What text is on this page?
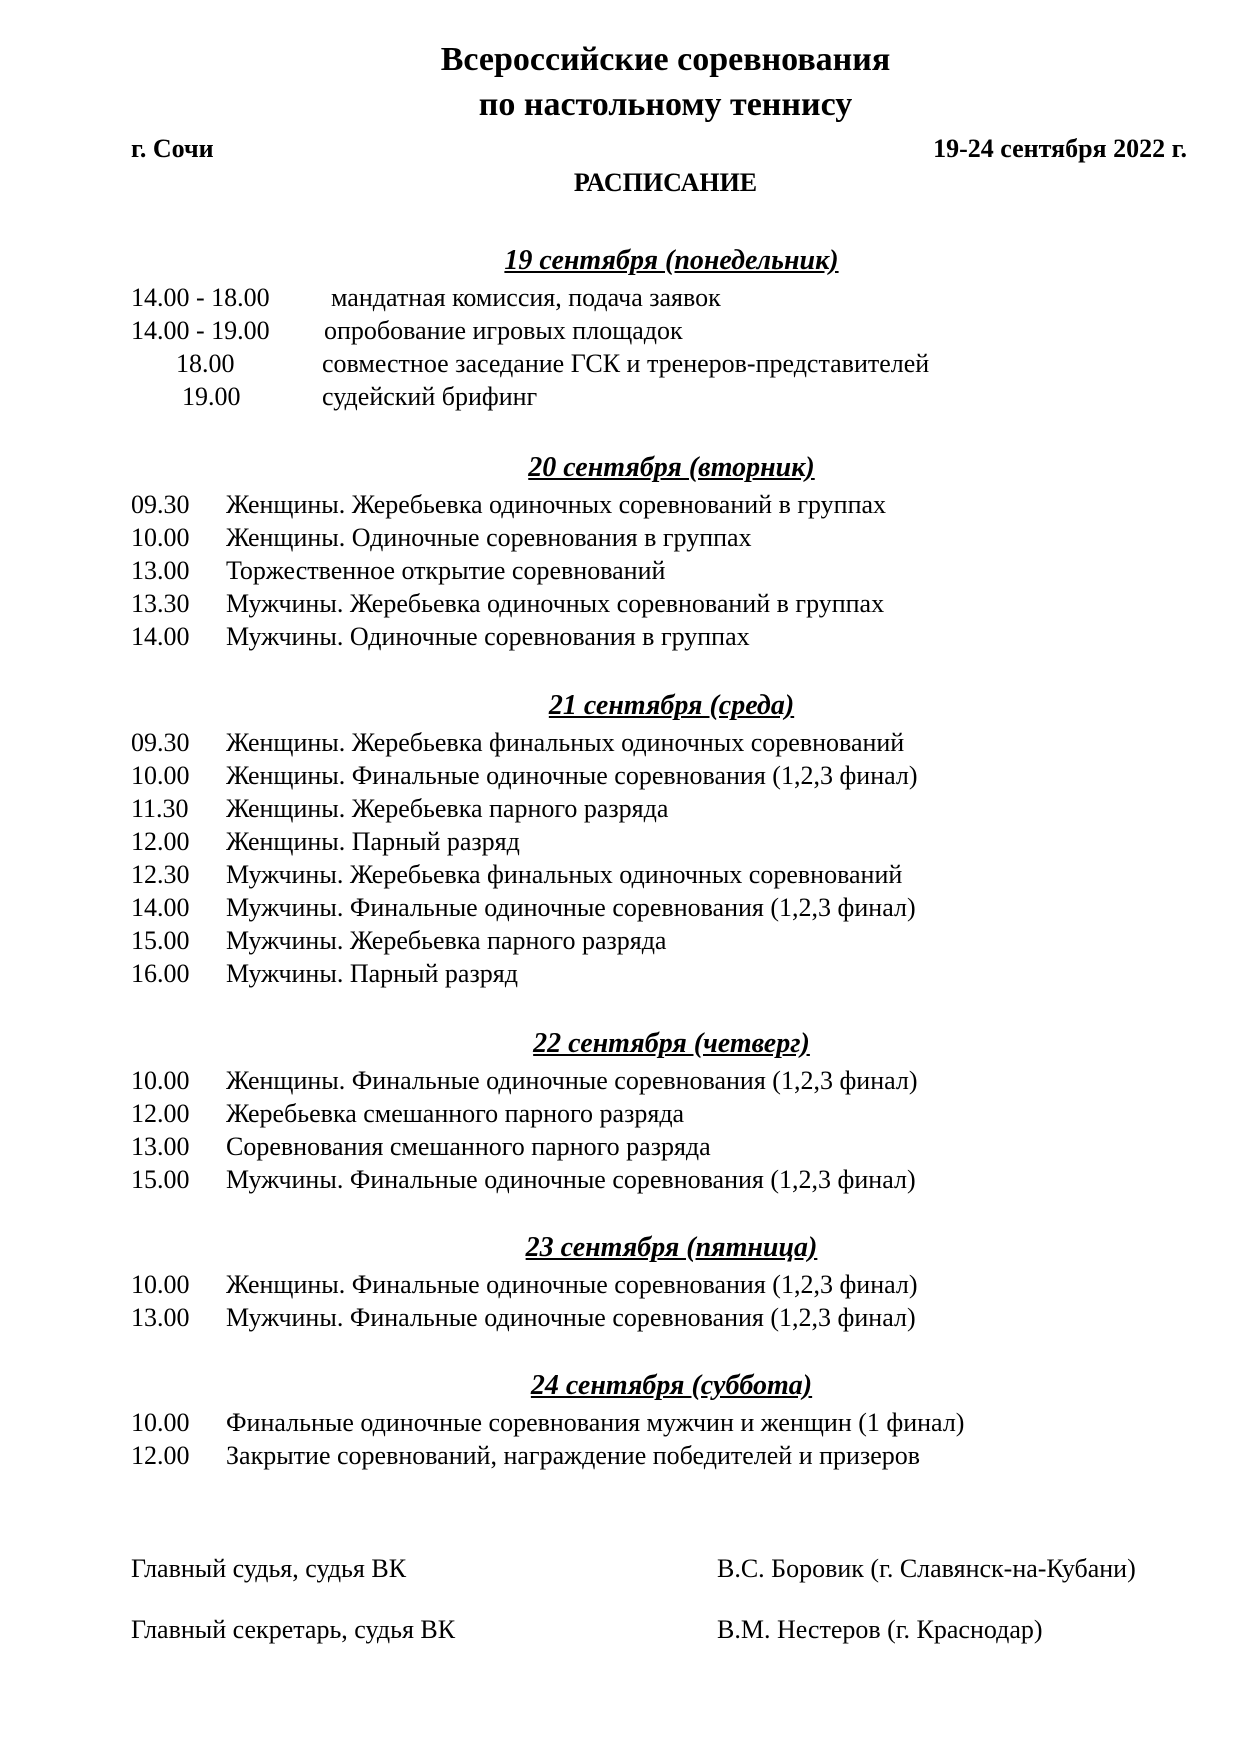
Всероссийские соревнования
по настольному теннису
г. Сочи	19-24 сентября 2022 г.
РАСПИСАНИЕ
19 сентября (понедельник)
14.00 - 18.00 мандатная комиссия, подача заявок
14.00 - 19.00 опробование игровых площадок
18.00	совместное заседание ГСК и тренеров-представителей
19.00	судейский брифинг
20 сентября (вторник)
09.30 Женщины. Жеребьевка одиночных соревнований в группах
10.00 Женщины. Одиночные соревнования в группах
13.00 Торжественное открытие соревнований
13.30 Мужчины. Жеребьевка одиночных соревнований в группах
14.00 Мужчины. Одиночные соревнования в группах
21 сентября (среда)
09.30 Женщины. Жеребьевка финальных одиночных соревнований
10.00 Женщины. Финальные одиночные соревнования (1,2,3 финал)
11.30 Женщины. Жеребьевка парного разряда
12.00 Женщины. Парный разряд
12.30 Мужчины. Жеребьевка финальных одиночных соревнований
14.00 Мужчины. Финальные одиночные соревнования (1,2,3 финал)
15.00 Мужчины. Жеребьевка парного разряда
16.00 Мужчины. Парный разряд
22 сентября (четверг)
10.00 Женщины. Финальные одиночные соревнования (1,2,3 финал)
12.00 Жеребьевка смешанного парного разряда
13.00 Соревнования смешанного парного разряда
15.00 Мужчины. Финальные одиночные соревнования (1,2,3 финал)
23 сентября (пятница)
10.00 Женщины. Финальные одиночные соревнования (1,2,3 финал)
13.00 Мужчины. Финальные одиночные соревнования (1,2,3 финал)
24 сентября (суббота)
10.00 Финальные одиночные соревнования мужчин и женщин (1 финал)
12.00 Закрытие соревнований, награждение победителей и призеров
Главный судья, судья ВК	В.С. Боровик (г. Славянск-на-Кубани)
Главный секретарь, судья ВК	В.М. Нестеров (г. Краснодар)
